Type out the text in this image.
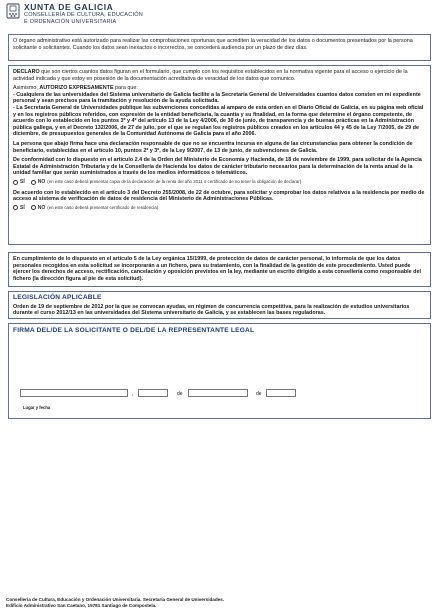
XUNTA DE GALICIA
CONSELLERÍA DE CULTURA, EDUCACIÓN
E ORDENACIÓN UNIVERSITARIA

O órgano administrativo está autorizado para realizar las comprobaciones oportunas que acrediten la veracidad de los datos o documentos presentados por la persona solicitante o solicitantes. Cuando los datos sean inexactos o incorrectos, se concederá audiencia por un plazo de diez días.

DECLARO que son ciertos cuantos datos figuran en el formulario, que cumplo con los requisitos establecidos en la normativa vigente para el acceso o ejercicio de la actividad indicada y que estoy en posesión de la documentación acreditativa de veracidad de los datos que comunico.

Asimismo, AUTORIZO EXPRESAMENTE para que:

- Cualquiera de las universidades del Sistema universitario de Galicia facilite a la Secretaría General de Universidades cuantos datos consten en mi expediente personal y sean precisos para la tramitación y resolución de la ayuda solicitada.

- La Secretaría General de Universidades publique las subvenciones concedidas al amparo de esta orden en el Diario Oficial de Galicia, en su página web oficial y en los registros públicos referidos, con expresión de la entidad beneficiaria, la cuantía y su finalidad, en la forma que determine el órgano competente, de acuerdo con lo establecido en los puntos 3º y 4º del artículo 13 de la Ley 4/2006, de 30 de junio, de transparencia y de buenas prácticas en la Administración pública gallega, y en el Decreto 132/2006, de 27 de julio, por el que se regulan los registros públicos creados en los artículos 44 y 45 de la Ley 7/2005, de 29 de diciembre, de presupuestos generales de la Comunidad Autónoma de Galicia para el año 2006.

La persona que abajo firma hace una declaración responsable de que no se encuentra incursa en alguna de las circunstancias para obtener la condición de beneficiario, establecidas en el artículo 10, puntos 2º y 3º, de la Ley 9/2007, de 13 de junio, de subvenciones de Galicia.

De conformidad con lo dispuesto en el artículo 2.4 de la Orden del Ministerio de Economía y Hacienda, de 18 de noviembre de 1999, para solicitar de la Agencia Estatal de Administración Tributaria y de la Consellería de Hacienda los datos de carácter tributario necesarios para la determinación de la renta anual de la unidad familiar que serán suministrados a través de los medios informáticos o telemáticos.

SÍ	NO (en este caso deberá presentar copia de la declaración de la renta del año 2011 o certificado de no tener la obligación de declarar).

De acuerdo con lo establecido en el artículo 3 del Decreto 255/2008, de 22 de octubre, para solicitar y comprobar los datos relativos a la residencia por medio de acceso al sistema de verificación de datos de residencia del Ministerio de Administraciones Públicas.

SÍ	NO (en este caso deberá presentar certificado de residencia).

En cumplimiento de lo dispuesto en el artículo 5 de la Ley orgánica 15/1999, de protección de datos de carácter personal, lo informo/a de que los datos personales recogidos en esta solicitud se incorporarán a un fichero, para su tratamiento, con la finalidad de la gestión de este procedimiento. Usted puede ejercer los derechos de acceso, rectificación, cancelación y oposición previstos en la ley, mediante un escrito dirigido a esta consellería como responsable del fichero (la dirección figura al pie de esta solicitud).

LEGISLACIÓN APLICABLE

Orden de 19 de septiembre de 2012 por la que se convocan ayudas, en régimen de concurrencia competitiva, para la realización de estudios universitarios durante el curso 2012/13 en las universidades del Sistema universitario de Galicia, y se establecen las bases reguladoras.

FIRMA DEL/DE LA SOLICITANTE O DEL/DE LA REPRESENTANTE LEGAL
Lugar y fecha
,	de	de
Consellería de Cultura, Educación y Ordenación Universitaria. Secretaría General de Universidades.
Edificio Administrativo San Caetano, 15781 Santiago de Compostela.
